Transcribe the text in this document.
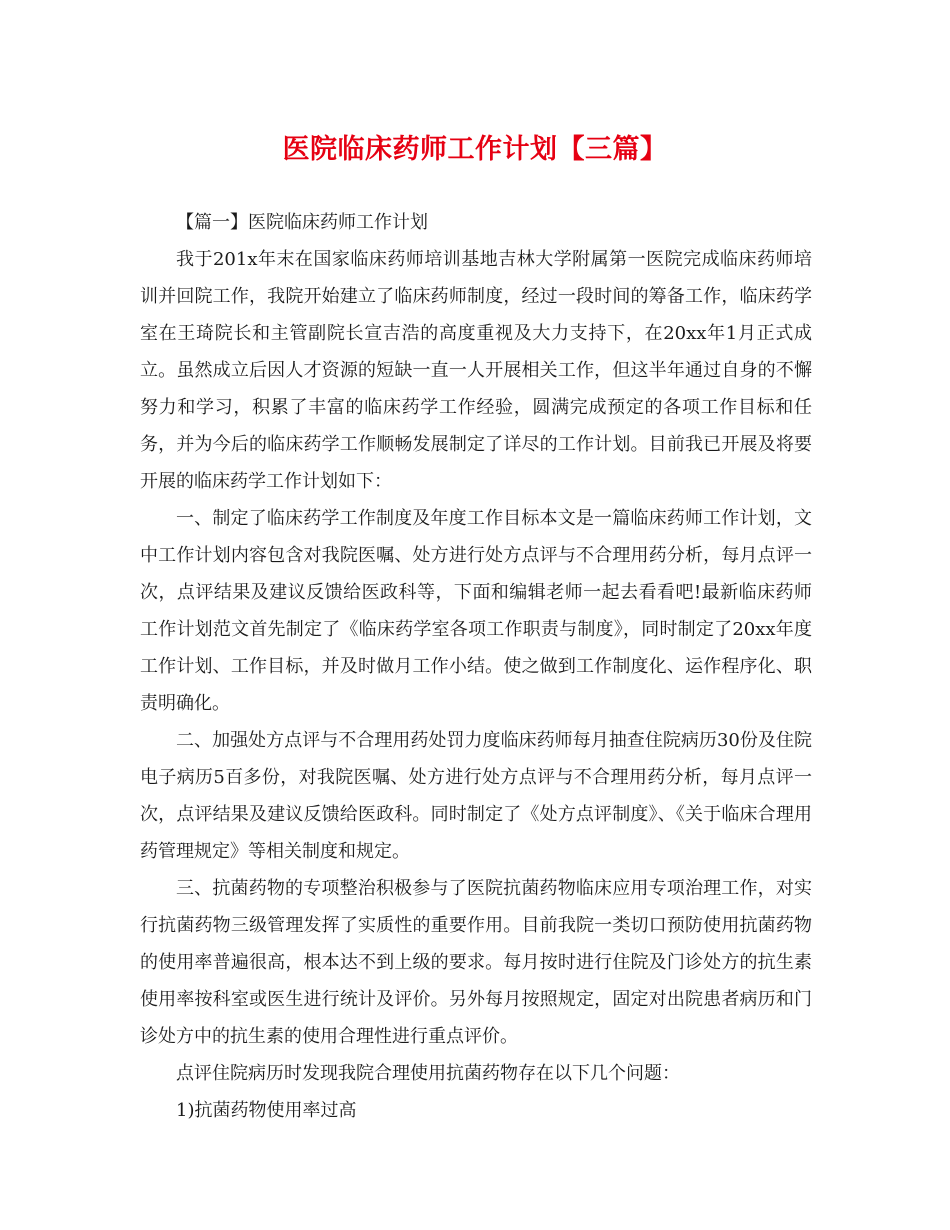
医院临床药师工作计划【三篇】

【篇一】医院临床药师工作计划

我于201x年末在国家临床药师培训基地吉林大学附属第一医院完成临床药师培训并回院工作，我院开始建立了临床药师制度，经过一段时间的筹备工作，临床药学室在王琦院长和主管副院长宣吉浩的高度重视及大力支持下，在20xx年1月正式成立。虽然成立后因人才资源的短缺一直一人开展相关工作，但这半年通过自身的不懈努力和学习，积累了丰富的临床药学工作经验，圆满完成预定的各项工作目标和任务，并为今后的临床药学工作顺畅发展制定了详尽的工作计划。目前我已开展及将要开展的临床药学工作计划如下：

一、制定了临床药学工作制度及年度工作目标本文是一篇临床药师工作计划，文中工作计划内容包含对我院医嘱、处方进行处方点评与不合理用药分析，每月点评一次，点评结果及建议反馈给医政科等，下面和编辑老师一起去看看吧!最新临床药师工作计划范文首先制定了《临床药学室各项工作职责与制度》，同时制定了20xx年度工作计划、工作目标，并及时做月工作小结。使之做到工作制度化、运作程序化、职责明确化。

二、加强处方点评与不合理用药处罚力度临床药师每月抽查住院病历30份及住院电子病历5百多份，对我院医嘱、处方进行处方点评与不合理用药分析，每月点评一次，点评结果及建议反馈给医政科。同时制定了《处方点评制度》、《关于临床合理用药管理规定》等相关制度和规定。

三、抗菌药物的专项整治积极参与了医院抗菌药物临床应用专项治理工作，对实行抗菌药物三级管理发挥了实质性的重要作用。目前我院一类切口预防使用抗菌药物的使用率普遍很高，根本达不到上级的要求。每月按时进行住院及门诊处方的抗生素使用率按科室或医生进行统计及评价。另外每月按照规定，固定对出院患者病历和门诊处方中的抗生素的使用合理性进行重点评价。

点评住院病历时发现我院合理使用抗菌药物存在以下几个问题：

1)抗菌药物使用率过高
